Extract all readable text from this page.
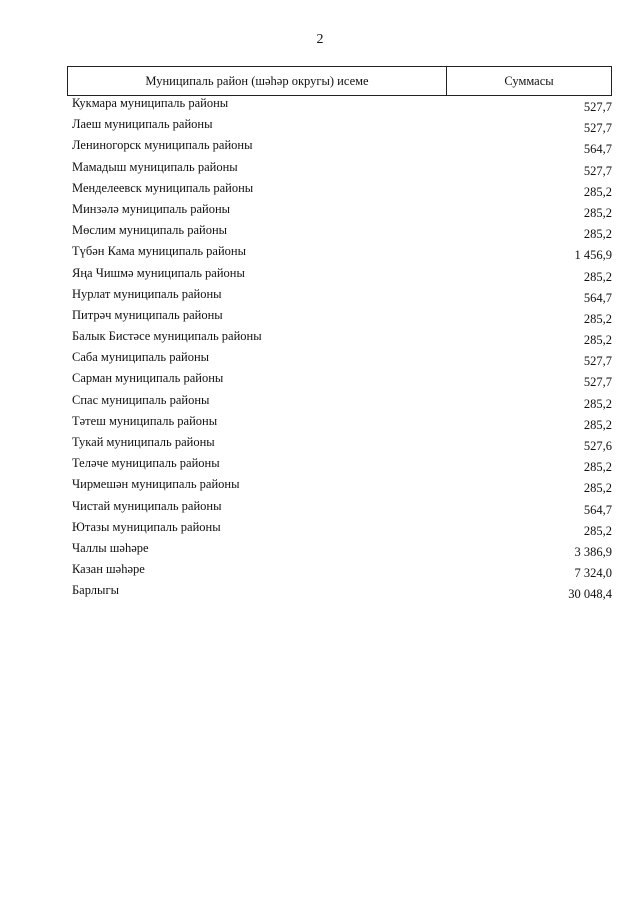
2
Муниципаль район (шәһәр округы) исеме	Суммасы
Кукмара муниципаль районы	527,7
Лаеш муниципаль районы	527,7
Лениногорск муниципаль районы	564,7
Мамадыш муниципаль районы	527,7
Менделеевск муниципаль районы	285,2
Минзәлә муниципаль районы	285,2
Мөслим муниципаль районы	285,2
Түбән Кама муниципаль районы	1 456,9
Яңа Чишмә муниципаль районы	285,2
Нурлат муниципаль районы	564,7
Питрәч муниципаль районы	285,2
Балык Бистәсе муниципаль районы	285,2
Саба муниципаль районы	527,7
Сарман муниципаль районы	527,7
Спас муниципаль районы	285,2
Тәтеш муниципаль районы	285,2
Тукай муниципаль районы	527,6
Теләче муниципаль районы	285,2
Чирмешән муниципаль районы	285,2
Чистай муниципаль районы	564,7
Ютазы муниципаль районы	285,2
Чаллы шәһәре	3 386,9
Казан шәһәре	7 324,0
Барлыгы	30 048,4
